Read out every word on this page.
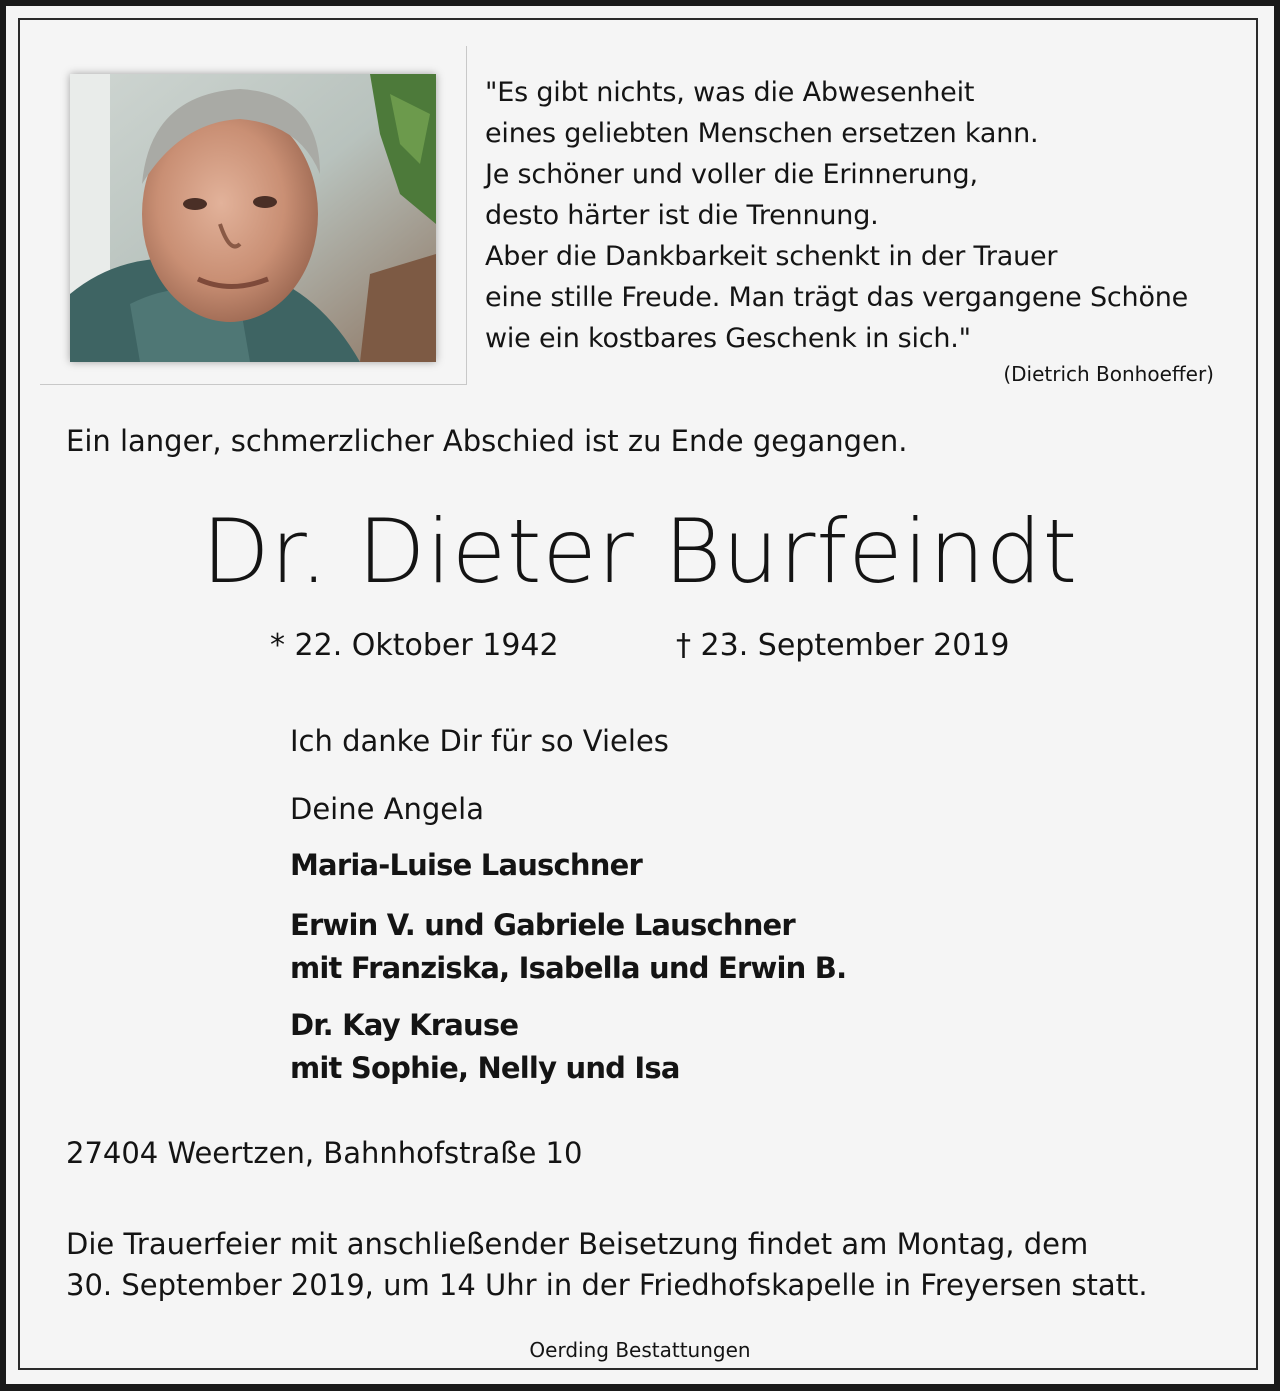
"Es gibt nichts, was die Abwesenheit
eines geliebten Menschen ersetzen kann.
Je schöner und voller die Erinnerung,
desto härter ist die Trennung.
Aber die Dankbarkeit schenkt in der Trauer
eine stille Freude. Man trägt das vergangene Schöne
wie ein kostbares Geschenk in sich."
(Dietrich Bonhoeffer)
Ein langer, schmerzlicher Abschied ist zu Ende gegangen.
Dr. Dieter Burfeindt
* 22. Oktober 1942	† 23. September 2019
Ich danke Dir für so Vieles
Deine Angela
Maria-Luise Lauschner
Erwin V. und Gabriele Lauschner
mit Franziska, Isabella und Erwin B.
Dr. Kay Krause
mit Sophie, Nelly und Isa
27404 Weertzen, Bahnhofstraße 10
Die Trauerfeier mit anschließender Beisetzung findet am Montag, dem
30. September 2019, um 14 Uhr in der Friedhofskapelle in Freyersen statt.
Oerding Bestattungen
